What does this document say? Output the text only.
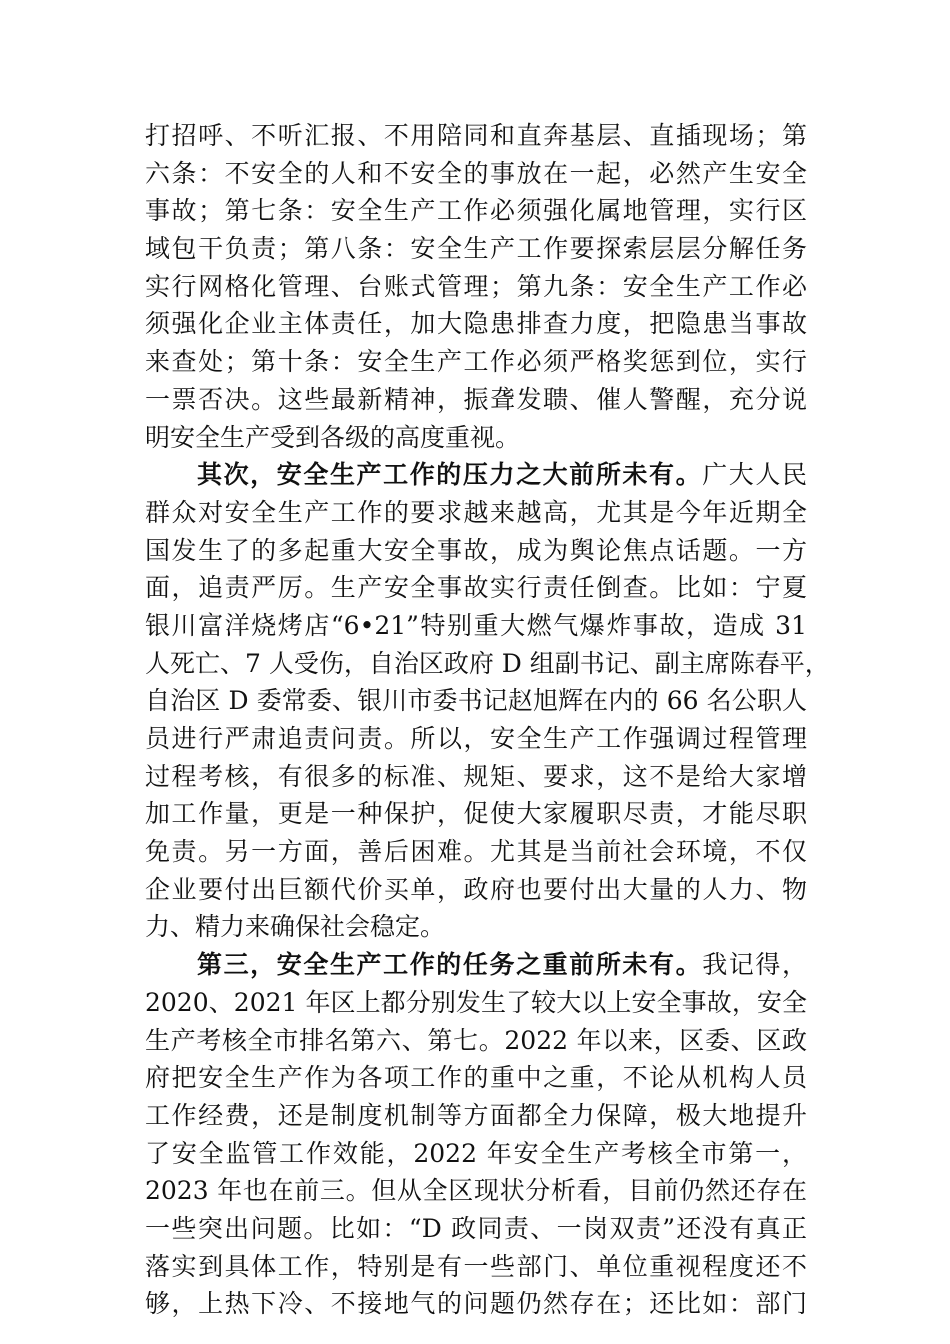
打招呼、不听汇报、不用陪同和直奔基层、直插现场；第
六条：不安全的人和不安全的事放在一起，必然产生安全
事故；第七条：安全生产工作必须强化属地管理，实行区
域包干负责；第八条：安全生产工作要探索层层分解任务
实行网格化管理、台账式管理；第九条：安全生产工作必
须强化企业主体责任，加大隐患排查力度，把隐患当事故
来查处；第十条：安全生产工作必须严格奖惩到位，实行
一票否决。这些最新精神，振聋发聩、催人警醒，充分说
明安全生产受到各级的高度重视。
其次，安全生产工作的压力之大前所未有。广大人民
群众对安全生产工作的要求越来越高，尤其是今年近期全
国发生了的多起重大安全事故，成为舆论焦点话题。一方
面，追责严厉。生产安全事故实行责任倒查。比如：宁夏
银川富洋烧烤店“6•21”特别重大燃气爆炸事故，造成 31
人死亡、7 人受伤，自治区政府 D 组副书记、副主席陈春平，
自治区 D 委常委、银川市委书记赵旭辉在内的 66 名公职人
员进行严肃追责问责。所以，安全生产工作强调过程管理
过程考核，有很多的标准、规矩、要求，这不是给大家增
加工作量，更是一种保护，促使大家履职尽责，才能尽职
免责。另一方面，善后困难。尤其是当前社会环境，不仅
企业要付出巨额代价买单，政府也要付出大量的人力、物
力、精力来确保社会稳定。
第三，安全生产工作的任务之重前所未有。我记得，
2020、2021 年区上都分别发生了较大以上安全事故，安全
生产考核全市排名第六、第七。2022 年以来，区委、区政
府把安全生产作为各项工作的重中之重，不论从机构人员
工作经费，还是制度机制等方面都全力保障，极大地提升
了安全监管工作效能，2022 年安全生产考核全市第一，
2023 年也在前三。但从全区现状分析看，目前仍然还存在
一些突出问题。比如：“D 政同责、一岗双责”还没有真正
落实到具体工作，特别是有一些部门、单位重视程度还不
够，上热下冷、不接地气的问题仍然存在；还比如：部门
